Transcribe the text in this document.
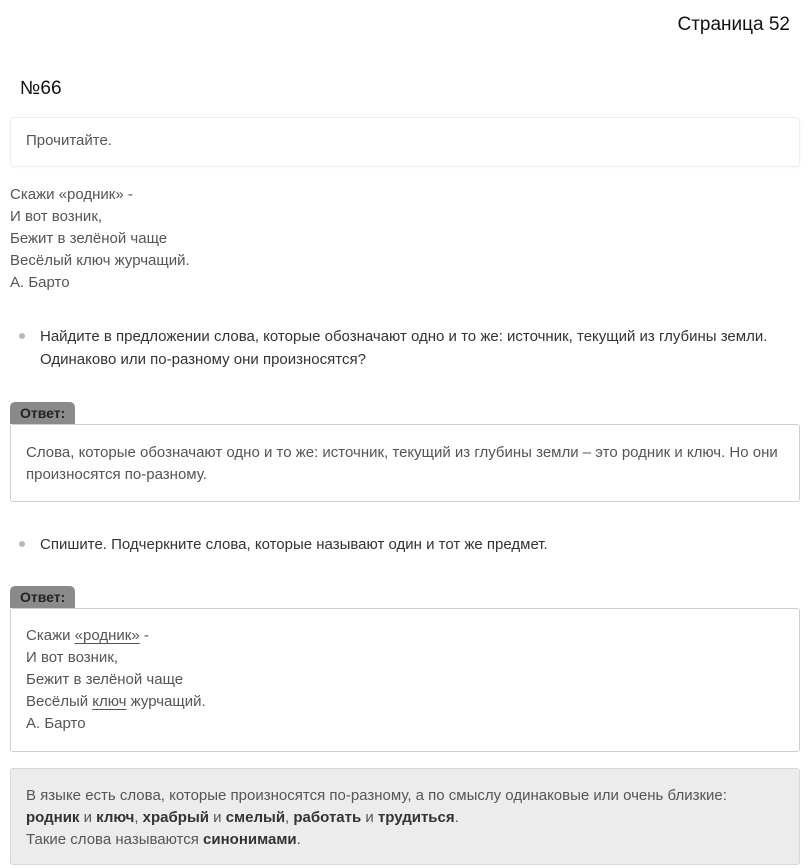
Страница 52
№66
Прочитайте.
Скажи «родник» -
И вот возник,
Бежит в зелёной чаще
Весёлый ключ журчащий.
А. Барто
Найдите в предложении слова, которые обозначают одно и то же: источник, текущий из глубины земли. Одинаково или по-разному они произносятся?
Ответ:
Слова, которые обозначают одно и то же: источник, текущий из глубины земли – это родник и ключ. Но они произносятся по-разному.
Спишите. Подчеркните слова, которые называют один и тот же предмет.
Ответ:
Скажи «родник» -
И вот возник,
Бежит в зелёной чаще
Весёлый ключ журчащий.
А. Барто
В языке есть слова, которые произносятся по-разному, а по смыслу одинаковые или очень близкие: родник и ключ, храбрый и смелый, работать и трудиться.
Такие слова называются синонимами.
